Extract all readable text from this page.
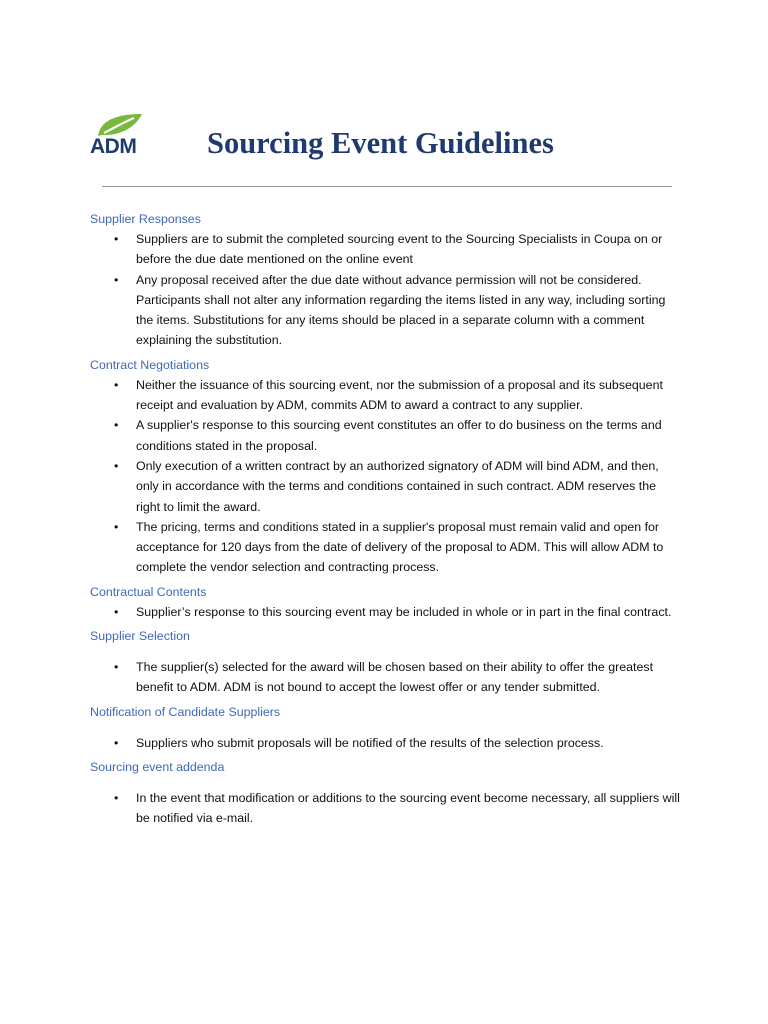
ADM Sourcing Event Guidelines

Supplier Responses

• Suppliers are to submit the completed sourcing event to the Sourcing Specialists in Coupa on or before the due date mentioned on the online event
• Any proposal received after the due date without advance permission will not be considered. Participants shall not alter any information regarding the items listed in any way, including sorting the items. Substitutions for any items should be placed in a separate column with a comment explaining the substitution.

Contract Negotiations

• Neither the issuance of this sourcing event, nor the submission of a proposal and its subsequent receipt and evaluation by ADM, commits ADM to award a contract to any supplier.
• A supplier's response to this sourcing event constitutes an offer to do business on the terms and conditions stated in the proposal.
• Only execution of a written contract by an authorized signatory of ADM will bind ADM, and then, only in accordance with the terms and conditions contained in such contract. ADM reserves the right to limit the award.
• The pricing, terms and conditions stated in a supplier's proposal must remain valid and open for acceptance for 120 days from the date of delivery of the proposal to ADM. This will allow ADM to complete the vendor selection and contracting process.

Contractual Contents

• Supplier’s response to this sourcing event may be included in whole or in part in the final contract.

Supplier Selection

• The supplier(s) selected for the award will be chosen based on their ability to offer the greatest benefit to ADM. ADM is not bound to accept the lowest offer or any tender submitted.

Notification of Candidate Suppliers

• Suppliers who submit proposals will be notified of the results of the selection process.

Sourcing event addenda

• In the event that modification or additions to the sourcing event become necessary, all suppliers will be notified via e-mail.
